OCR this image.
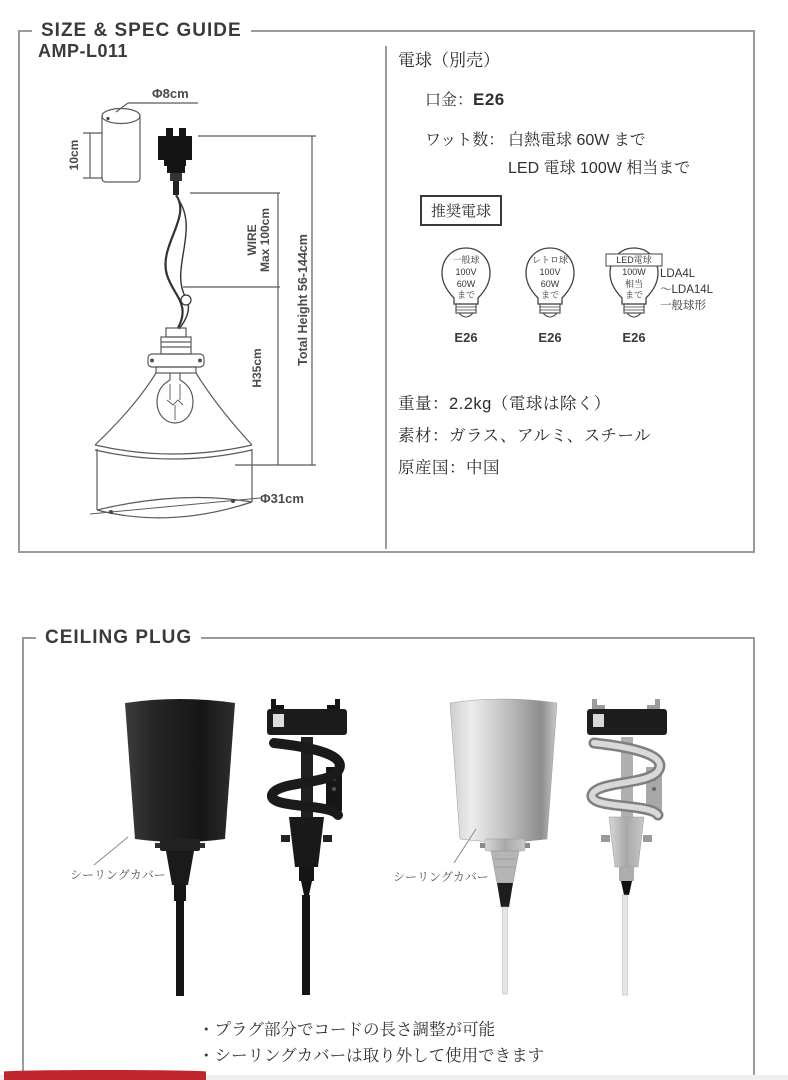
SIZE & SPEC GUIDE
AMP-L011
Φ8cm
10cm
WIRE Max 100cm Total Height 56-144cm
H35cm
Φ31cm
電球（別売）
口金：E26
ワット数： 白熱電球 60W まで
LED 電球 100W 相当まで
推奨電球
一般球
100V
60W
まで
E26
レトロ球
100V
60W
まで
E26
LED電球
100W
相当
まで
E26
LDA4L
～LDA14L
一般球形
重量：2.2kg（電球は除く）
素材：ガラス、アルミ、スチール
原産国：中国
CEILING PLUG
シーリングカバー	シーリングカバー
・プラグ部分でコードの長さ調整が可能
・シーリングカバーは取り外して使用できます
